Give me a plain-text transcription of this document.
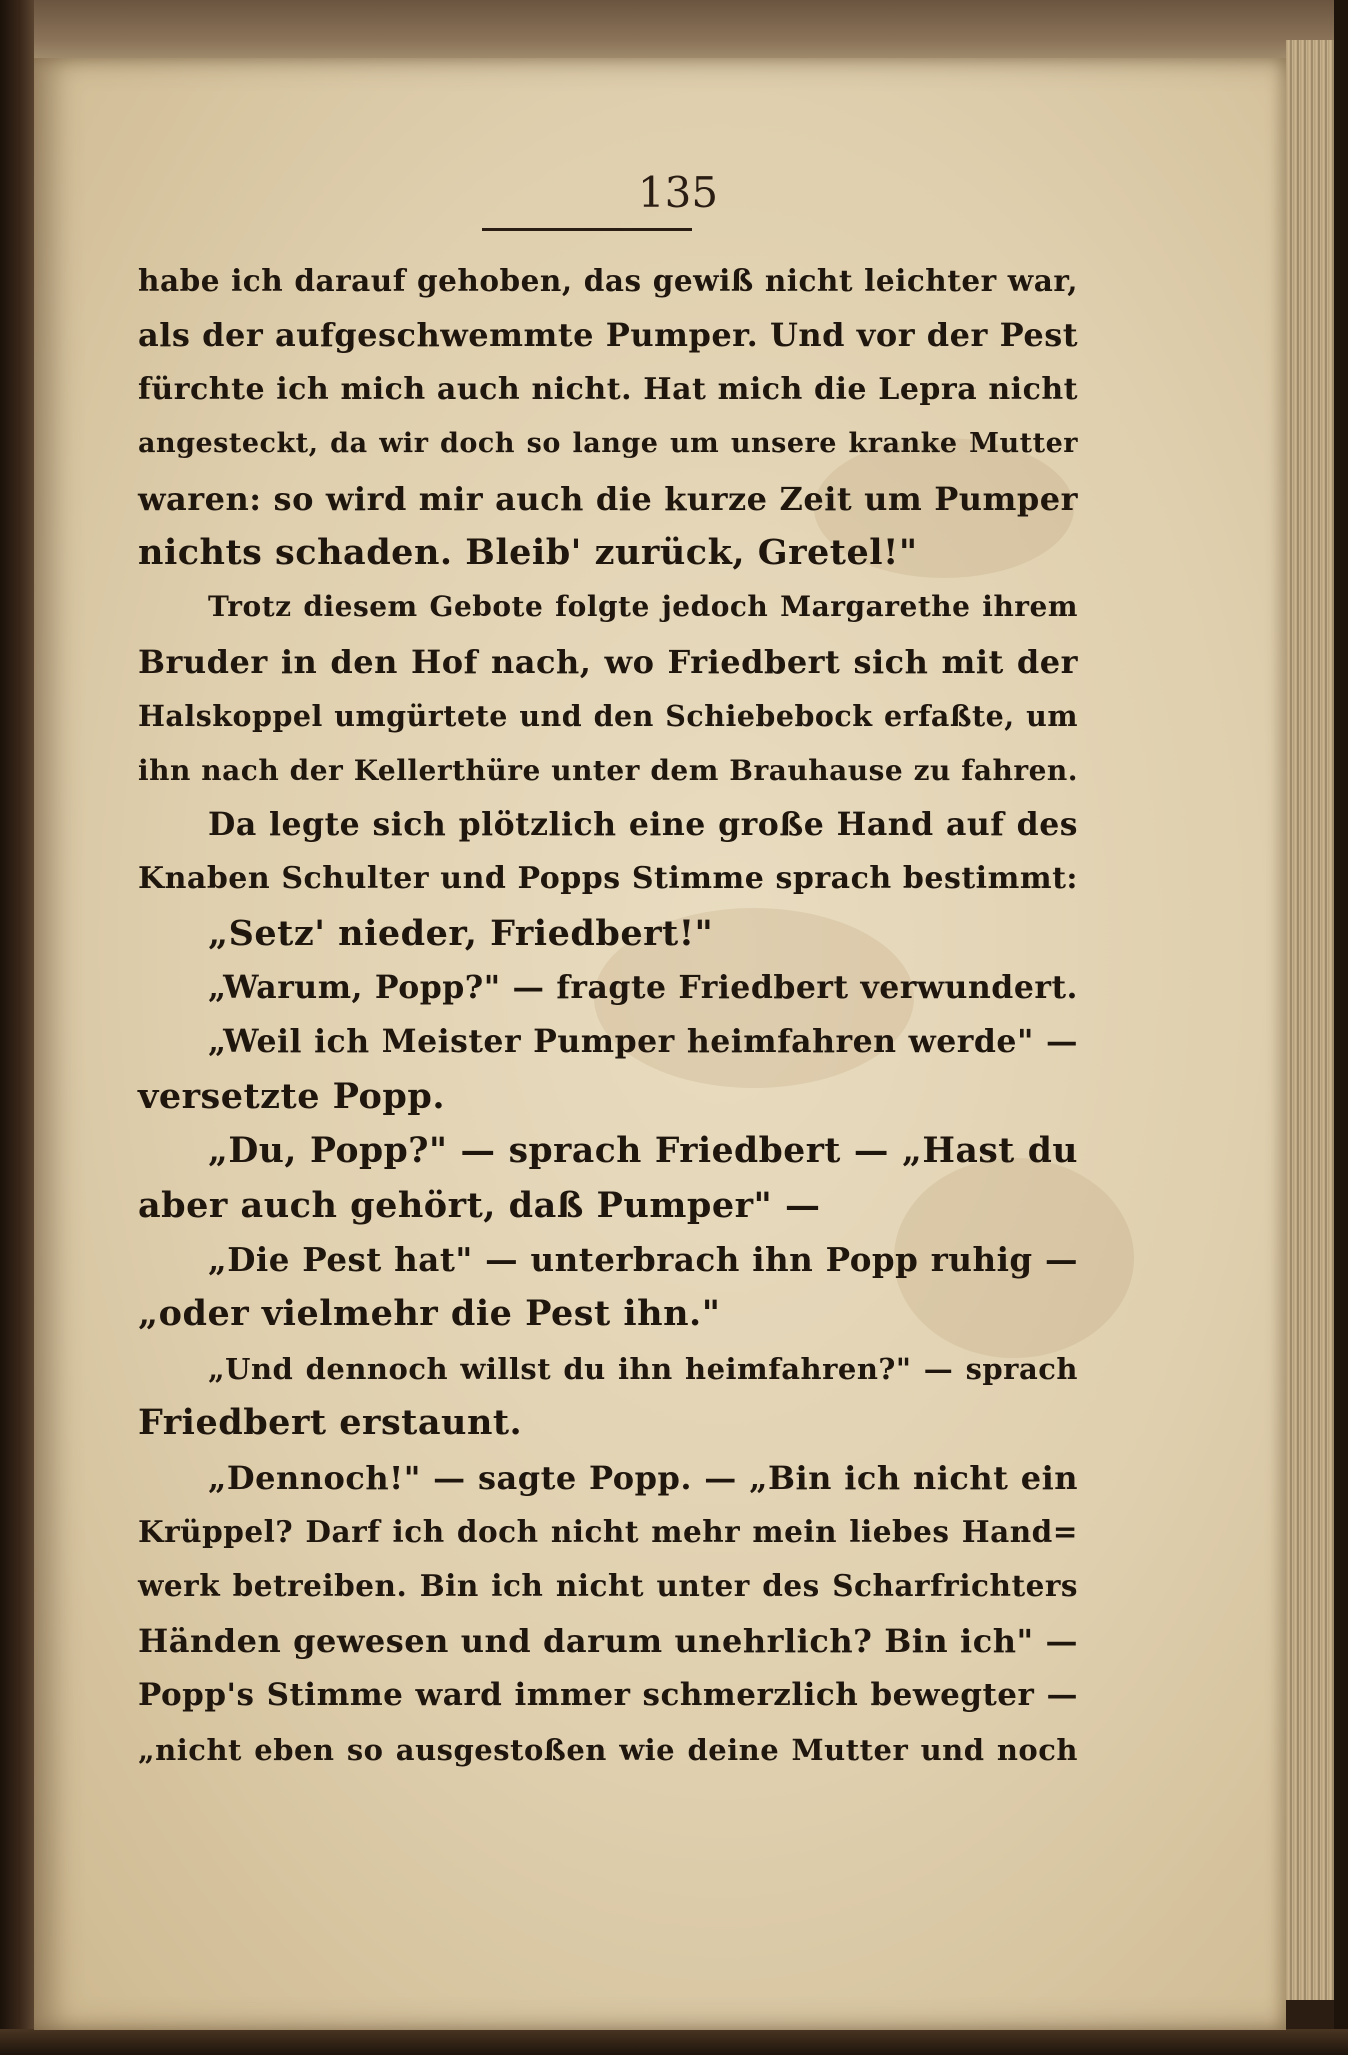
135
habe ich darauf gehoben, das gewiß nicht leichter war,
als der aufgeschwemmte Pumper. Und vor der Pest
fürchte ich mich auch nicht. Hat mich die Lepra nicht
angesteckt, da wir doch so lange um unsere kranke Mutter
waren: so wird mir auch die kurze Zeit um Pumper
nichts schaden. Bleib' zurück, Gretel!"
Trotz diesem Gebote folgte jedoch Margarethe ihrem
Bruder in den Hof nach, wo Friedbert sich mit der
Halskoppel umgürtete und den Schiebebock erfaßte, um
ihn nach der Kellerthüre unter dem Brauhause zu fahren.
Da legte sich plötzlich eine große Hand auf des
Knaben Schulter und Popps Stimme sprach bestimmt:
„Setz' nieder, Friedbert!"
„Warum, Popp?" — fragte Friedbert verwundert.
„Weil ich Meister Pumper heimfahren werde" —
versetzte Popp.
„Du, Popp?" — sprach Friedbert — „Hast du
aber auch gehört, daß Pumper" —
„Die Pest hat" — unterbrach ihn Popp ruhig —
„oder vielmehr die Pest ihn."
„Und dennoch willst du ihn heimfahren?" — sprach
Friedbert erstaunt.
„Dennoch!" — sagte Popp. — „Bin ich nicht ein
Krüppel? Darf ich doch nicht mehr mein liebes Hand=
werk betreiben. Bin ich nicht unter des Scharfrichters
Händen gewesen und darum unehrlich? Bin ich" —
Popp's Stimme ward immer schmerzlich bewegter —
„nicht eben so ausgestoßen wie deine Mutter und noch
